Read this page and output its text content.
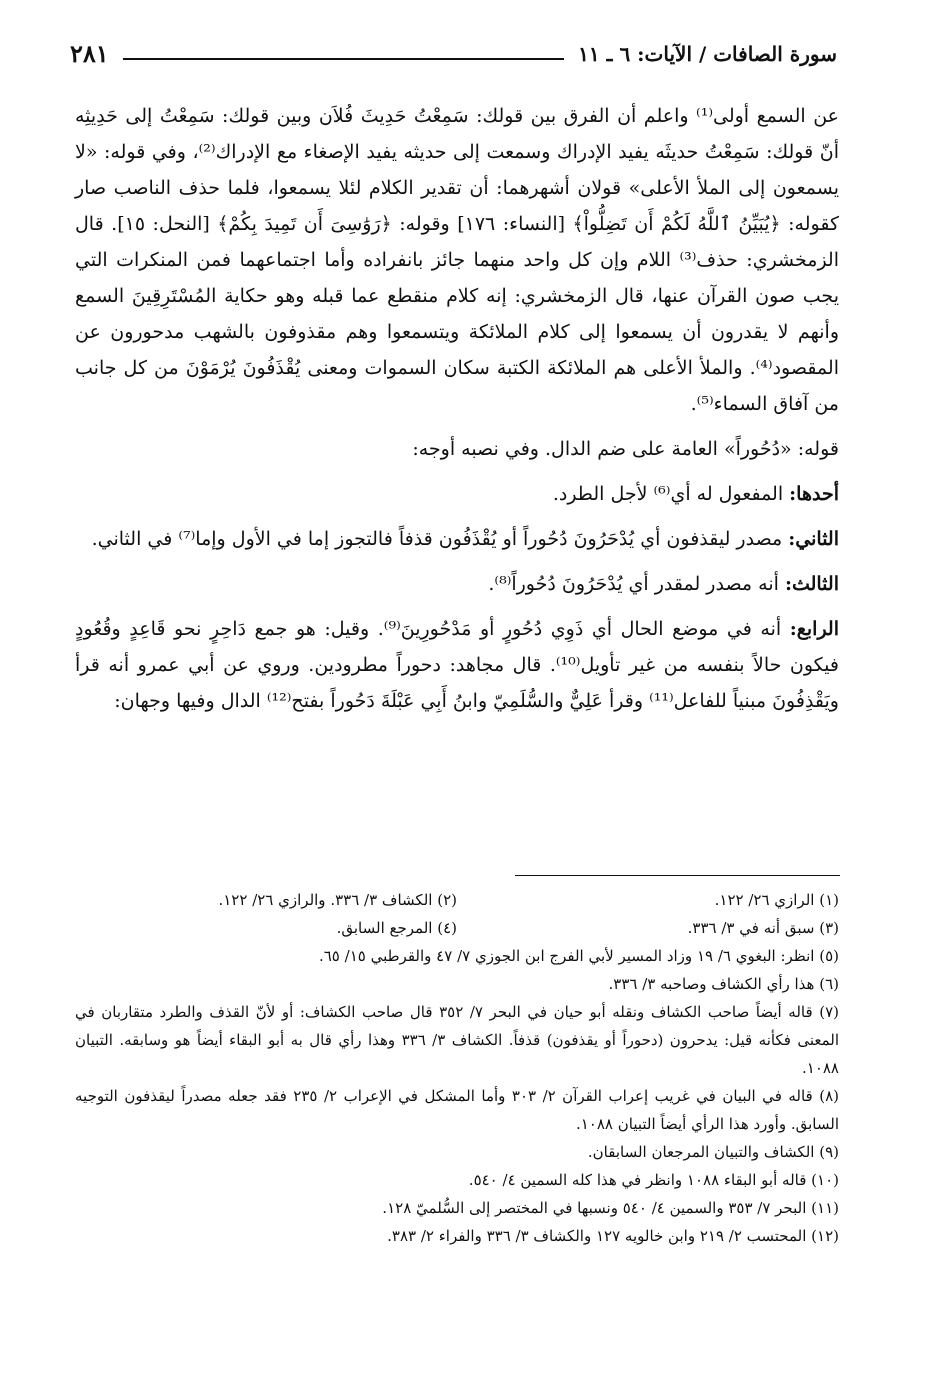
سورة الصافات / الآيات: ٦ ـ ١١
٢٨١

عن السمع أولى⁽¹⁾ واعلم أن الفرق بين قولك: سَمِعْتُ حَدِيثَ فُلاَن وبين قولك: سَمِعْتُ إلى حَدِيثِه أنّ قولك: سَمِعْتُ حديثَه يفيد الإدراك وسمعت إلى حديثه يفيد الإصغاء مع الإدراك⁽²⁾، وفي قوله: «لا يسمعون إلى الملأ الأعلى» قولان أشهرهما: أن تقدير الكلام لئلا يسمعوا، فلما حذف الناصب صار كقوله: ﴿يُبَيِّنُ ٱللَّهُ لَكُمْ أَن تَضِلُّواْ﴾ [النساء: ١٧٦] وقوله: ﴿رَوَٰسِىَ أَن تَمِيدَ بِكُمْ﴾ [النحل: ١٥]. قال الزمخشري: حذف⁽³⁾ اللام وإن كل واحد منهما جائز بانفراده وأما اجتماعهما فمن المنكرات التي يجب صون القرآن عنها، قال الزمخشري: إنه كلام منقطع عما قبله وهو حكاية المُسْتَرِقِينَ السمع وأنهم لا يقدرون أن يسمعوا إلى كلام الملائكة ويتسمعوا وهم مقذوفون بالشهب مدحورون عن المقصود⁽⁴⁾. والملأ الأعلى هم الملائكة الكتبة سكان السموات ومعنى يُقْذَفُونَ يُرْمَوْنَ من كل جانب من آفاق السماء⁽⁵⁾.

قوله: «دُحُوراً» العامة على ضم الدال. وفي نصبه أوجه:

أحدها: المفعول له أي⁽⁶⁾ لأجل الطرد.

الثاني: مصدر ليقذفون أي يُدْحَرُونَ دُحُوراً أو يُقْذَفُون قذفاً فالتجوز إما في الأول وإما⁽⁷⁾ في الثاني.

الثالث: أنه مصدر لمقدر أي يُدْحَرُونَ دُحُوراً⁽⁸⁾.

الرابع: أنه في موضع الحال أي ذَوِي دُحُورٍ أو مَدْحُورِينَ⁽⁹⁾. وقيل: هو جمع دَاحِرٍ نحو قَاعِدٍ وقُعُودٍ فيكون حالاً بنفسه من غير تأويل⁽¹⁰⁾. قال مجاهد: دحوراً مطرودين. وروي عن أبي عمرو أنه قرأ ويَقْذِفُونَ مبنياً للفاعل⁽¹¹⁾ وقرأ عَلِيٌّ والسُّلَمِيّ وابنُ أَبِي عَبْلَةَ دَحُوراً بفتح⁽¹²⁾ الدال وفيها وجهان:

(١) الرازي ٢٦/ ١٢٢.
(٢) الكشاف ٣/ ٣٣٦. والرازي ٢٦/ ١٢٢.
(٣) سبق أنه في ٣/ ٣٣٦.
(٤) المرجع السابق.

(٥) انظر: البغوي ٦/ ١٩ وزاد المسير لأبي الفرج ابن الجوزي ٧/ ٤٧ والقرطبي ١٥/ ٦٥.

(٦) هذا رأي الكشاف وصاحبه ٣/ ٣٣٦.

(٧) قاله أيضاً صاحب الكشاف ونقله أبو حيان في البحر ٧/ ٣٥٢ قال صاحب الكشاف: أو لأنّ القذف والطرد متقاربان في المعنى فكأنه قيل: يدحرون (دحوراً أو يقذفون) قذفاً. الكشاف ٣/ ٣٣٦ وهذا رأي قال به أبو البقاء أيضاً هو وسابقه. التبيان ١٠٨٨.

(٨) قاله في البيان في غريب إعراب القرآن ٢/ ٣٠٣ وأما المشكل في الإعراب ٢/ ٢٣٥ فقد جعله مصدراً ليقذفون التوجيه السابق. وأورد هذا الرأي أيضاً التبيان ١٠٨٨.

(٩) الكشاف والتبيان المرجعان السابقان.

(١٠) قاله أبو البقاء ١٠٨٨ وانظر في هذا كله السمين ٤/ ٥٤٠.

(١١) البحر ٧/ ٣٥٣ والسمين ٤/ ٥٤٠ ونسبها في المختصر إلى السُّلميّ ١٢٨.

(١٢) المحتسب ٢/ ٢١٩ وابن خالويه ١٢٧ والكشاف ٣/ ٣٣٦ والفراء ٢/ ٣٨٣.
